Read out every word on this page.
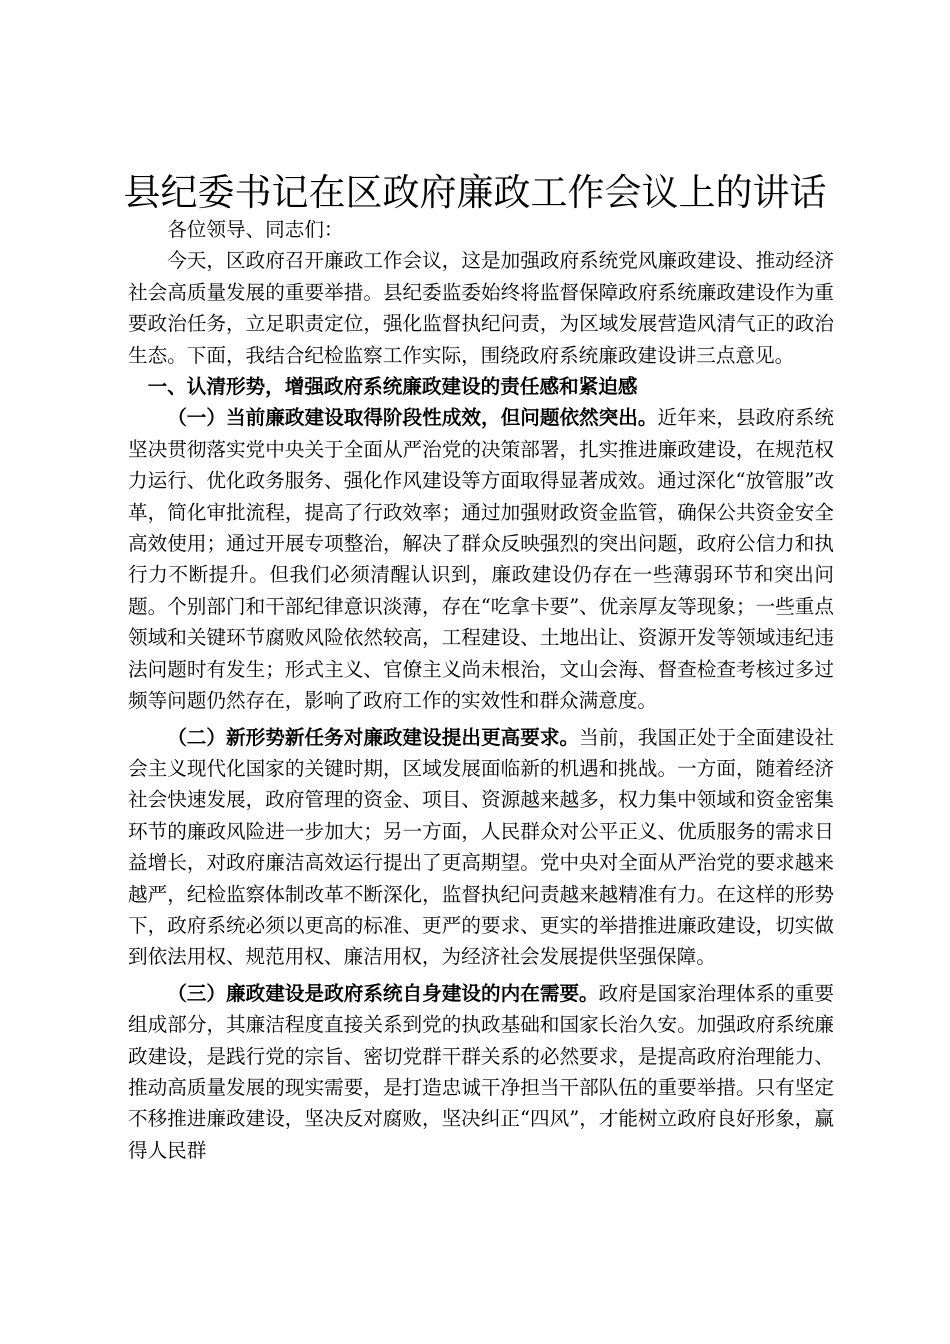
县纪委书记在区政府廉政工作会议上的讲话

各位领导、同志们：

今天，区政府召开廉政工作会议，这是加强政府系统党风廉政建设、推动经济社会高质量发展的重要举措。县纪委监委始终将监督保障政府系统廉政建设作为重要政治任务，立足职责定位，强化监督执纪问责，为区域发展营造风清气正的政治生态。下面，我结合纪检监察工作实际，围绕政府系统廉政建设讲三点意见。

一、认清形势，增强政府系统廉政建设的责任感和紧迫感

（一）当前廉政建设取得阶段性成效，但问题依然突出。近年来，县政府系统坚决贯彻落实党中央关于全面从严治党的决策部署，扎实推进廉政建设，在规范权力运行、优化政务服务、强化作风建设等方面取得显著成效。通过深化“放管服”改革，简化审批流程，提高了行政效率；通过加强财政资金监管，确保公共资金安全高效使用；通过开展专项整治，解决了群众反映强烈的突出问题，政府公信力和执行力不断提升。但我们必须清醒认识到，廉政建设仍存在一些薄弱环节和突出问题。个别部门和干部纪律意识淡薄，存在“吃拿卡要”、优亲厚友等现象；一些重点领域和关键环节腐败风险依然较高，工程建设、土地出让、资源开发等领域违纪违法问题时有发生；形式主义、官僚主义尚未根治，文山会海、督查检查考核过多过频等问题仍然存在，影响了政府工作的实效性和群众满意度。

（二）新形势新任务对廉政建设提出更高要求。当前，我国正处于全面建设社会主义现代化国家的关键时期，区域发展面临新的机遇和挑战。一方面，随着经济社会快速发展，政府管理的资金、项目、资源越来越多，权力集中领域和资金密集环节的廉政风险进一步加大；另一方面，人民群众对公平正义、优质服务的需求日益增长，对政府廉洁高效运行提出了更高期望。党中央对全面从严治党的要求越来越严，纪检监察体制改革不断深化，监督执纪问责越来越精准有力。在这样的形势下，政府系统必须以更高的标准、更严的要求、更实的举措推进廉政建设，切实做到依法用权、规范用权、廉洁用权，为经济社会发展提供坚强保障。

（三）廉政建设是政府系统自身建设的内在需要。政府是国家治理体系的重要组成部分，其廉洁程度直接关系到党的执政基础和国家长治久安。加强政府系统廉政建设，是践行党的宗旨、密切党群干群关系的必然要求，是提高政府治理能力、推动高质量发展的现实需要，是打造忠诚干净担当干部队伍的重要举措。只有坚定不移推进廉政建设，坚决反对腐败，坚决纠正“四风”，才能树立政府良好形象，赢得人民群
